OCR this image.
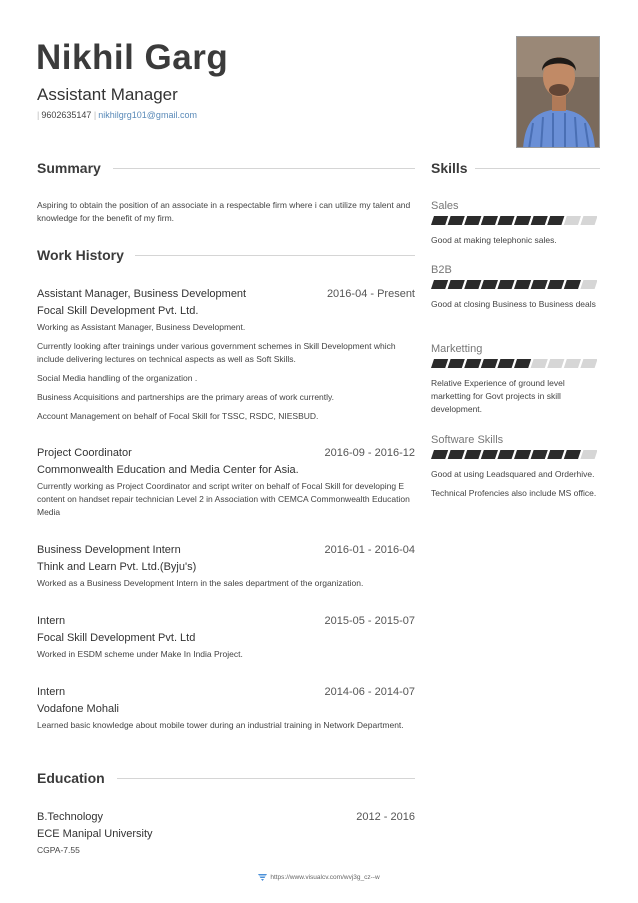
Nikhil Garg
Assistant Manager
| 9602635147 | nikhilgrg101@gmail.com
Summary
Aspiring to obtain the position of an associate in a respectable firm where i can utilize my talent and knowledge for the benefit of my firm.
Work History
Assistant Manager, Business Development	2016-04 - Present
Focal Skill Development Pvt. Ltd.

Working as Assistant Manager, Business Development.

Currently looking after trainings under various government schemes in Skill Development which include delivering lectures on technical aspects as well as Soft Skills.

Social Media handling of the organization .

Business Acquisitions and partnerships are the primary areas of work currently.

Account Management on behalf of Focal Skill for TSSC, RSDC, NIESBUD.

Project Coordinator	2016-09 - 2016-12
Commonwealth Education and Media Center for Asia.

Currently working as Project Coordinator and script writer on behalf of Focal Skill for developing E content on handset repair technician Level 2 in Association with CEMCA Commonwealth Education Media

Business Development Intern	2016-01 - 2016-04
Think and Learn Pvt. Ltd.(Byju's)

Worked as a Business Development Intern in the sales department of the organization.

Intern	2015-05 - 2015-07
Focal Skill Development Pvt. Ltd

Worked in ESDM scheme under Make In India Project.

Intern	2014-06 - 2014-07
Vodafone Mohali

Learned basic knowledge about mobile tower during an industrial training in Network Department.

Education
B.Technology	2012 - 2016
ECE Manipal University

CGPA-7.55

Skills
Sales

Good at making telephonic sales.

B2B

Good at closing Business to Business deals

Marketting

Relative Experience of ground level marketting for Govt projects in skill development.

Software Skills

Good at using Leadsquared and Orderhive.

Technical Profencies also include MS office.

https://www.visualcv.com/wvj3g_cz--w
